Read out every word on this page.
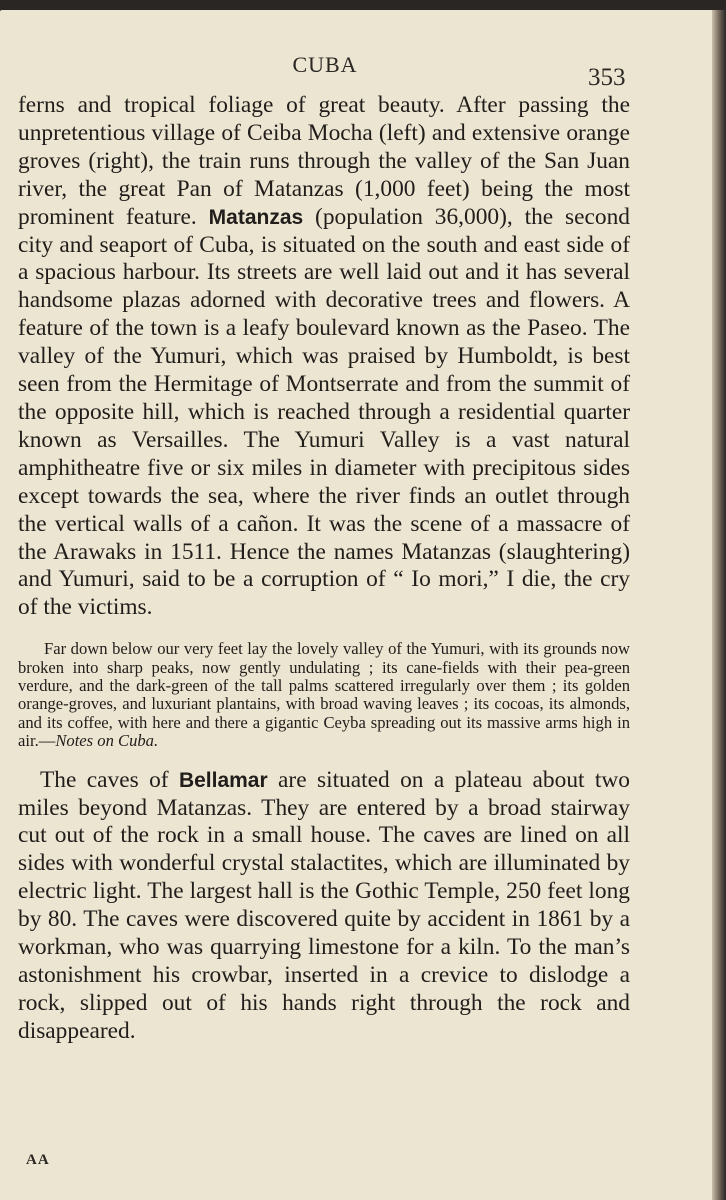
CUBA	353

ferns and tropical foliage of great beauty. After passing the unpretentious village of Ceiba Mocha (left) and extensive orange groves (right), the train runs through the valley of the San Juan river, the great Pan of Matanzas (1,000 feet) being the most prominent feature. Matanzas (population 36,000), the second city and seaport of Cuba, is situated on the south and east side of a spacious harbour. Its streets are well laid out and it has several handsome plazas adorned with decorative trees and flowers. A feature of the town is a leafy boulevard known as the Paseo. The valley of the Yumuri, which was praised by Humboldt, is best seen from the Hermitage of Montserrate and from the summit of the opposite hill, which is reached through a residential quarter known as Versailles. The Yumuri Valley is a vast natural amphitheatre five or six miles in diameter with precipitous sides except towards the sea, where the river finds an outlet through the vertical walls of a cañon. It was the scene of a massacre of the Arawaks in 1511. Hence the names Matanzas (slaughtering) and Yumuri, said to be a corruption of “ Io mori,” I die, the cry of the victims.

Far down below our very feet lay the lovely valley of the Yumuri, with its grounds now broken into sharp peaks, now gently undulating ; its cane-fields with their pea-green verdure, and the dark-green of the tall palms scattered irregularly over them ; its golden orange-groves, and luxuriant plantains, with broad waving leaves ; its cocoas, its almonds, and its coffee, with here and there a gigantic Ceyba spreading out its massive arms high in air.—Notes on Cuba.

The caves of Bellamar are situated on a plateau about two miles beyond Matanzas. They are entered by a broad stairway cut out of the rock in a small house. The caves are lined on all sides with wonderful crystal stalactites, which are illuminated by electric light. The largest hall is the Gothic Temple, 250 feet long by 80. The caves were discovered quite by accident in 1861 by a workman, who was quarrying limestone for a kiln. To the man’s astonishment his crowbar, inserted in a crevice to dislodge a rock, slipped out of his hands right through the rock and disappeared.

AA
